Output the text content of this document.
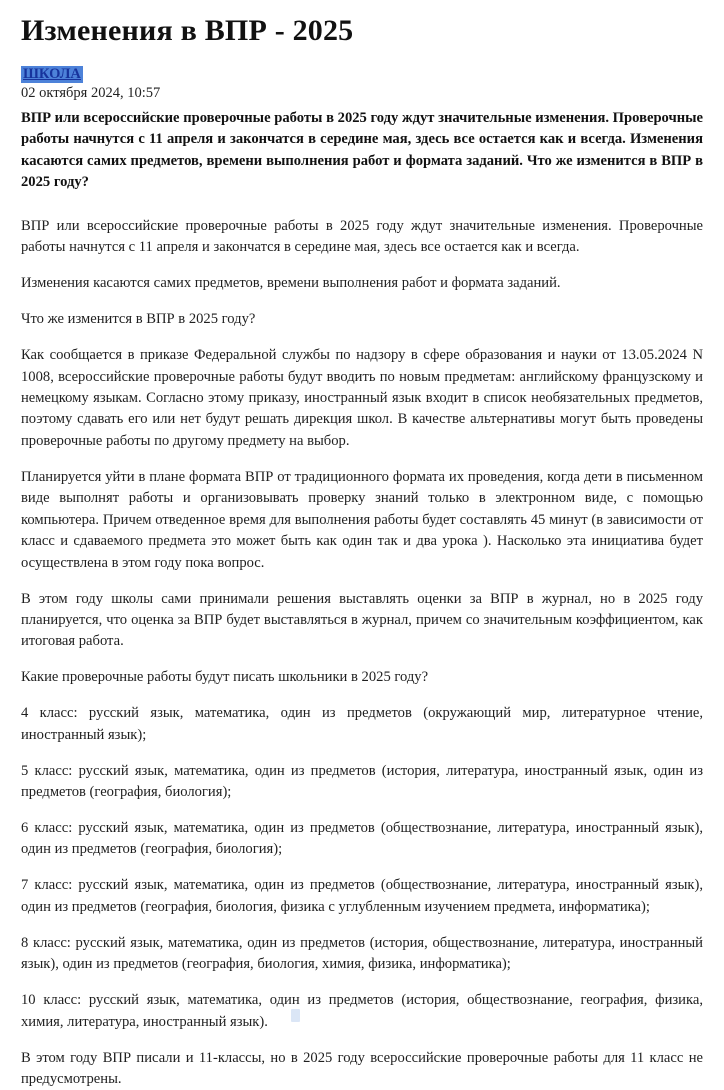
Изменения в ВПР - 2025
ШКОЛА
02 октября 2024, 10:57

ВПР или всероссийские проверочные работы в 2025 году ждут значительные изменения. Проверочные работы начнутся с 11 апреля и закончатся в середине мая, здесь все остается как и всегда. Изменения касаются самих предметов, времени выполнения работ и формата заданий. Что же изменится в ВПР в 2025 году?

ВПР или всероссийские проверочные работы в 2025 году ждут значительные изменения. Проверочные работы начнутся с 11 апреля и закончатся в середине мая, здесь все остается как и всегда.

Изменения касаются самих предметов, времени выполнения работ и формата заданий.

Что же изменится в ВПР в 2025 году?

Как сообщается в приказе Федеральной службы по надзору в сфере образования и науки от 13.05.2024 N 1008, всероссийские проверочные работы будут вводить по новым предметам: английскому французскому и немецкому языкам. Согласно этому приказу, иностранный язык входит в список необязательных предметов, поэтому сдавать его или нет будут решать дирекция школ. В качестве альтернативы могут быть проведены проверочные работы по другому предмету на выбор.

Планируется уйти в плане формата ВПР от традиционного формата их проведения, когда дети в письменном виде выполнят работы и организовывать проверку знаний только в электронном виде, с помощью компьютера. Причем отведенное время для выполнения работы будет составлять 45 минут (в зависимости от класс и сдаваемого предмета это может быть как один так и два урока ). Насколько эта инициатива будет осуществлена в этом году пока вопрос.

В этом году школы сами принимали решения выставлять оценки за ВПР в журнал, но в 2025 году планируется, что оценка за ВПР будет выставляться в журнал, причем со значительным коэффициентом, как итоговая работа.

Какие проверочные работы будут писать школьники в 2025 году?

4 класс: русский язык, математика, один из предметов (окружающий мир, литературное чтение, иностранный язык);

5 класс: русский язык, математика, один из предметов (история, литература, иностранный язык, один из предметов (география, биология);

6 класс: русский язык, математика, один из предметов (обществознание, литература, иностранный язык), один из предметов (география, биология);

7 класс: русский язык, математика, один из предметов (обществознание, литература, иностранный язык), один из предметов (география, биология, физика с углубленным изучением предмета, информатика);

8 класс: русский язык, математика, один из предметов (история, обществознание, литература, иностранный язык), один из предметов (география, биология, химия, физика, информатика);

10 класс: русский язык, математика, один из предметов (история, обществознание, география, физика, химия, литература, иностранный язык).

В этом году ВПР писали и 11-классы, но в 2025 году всероссийские проверочные работы для 11 класс не предусмотрены.
